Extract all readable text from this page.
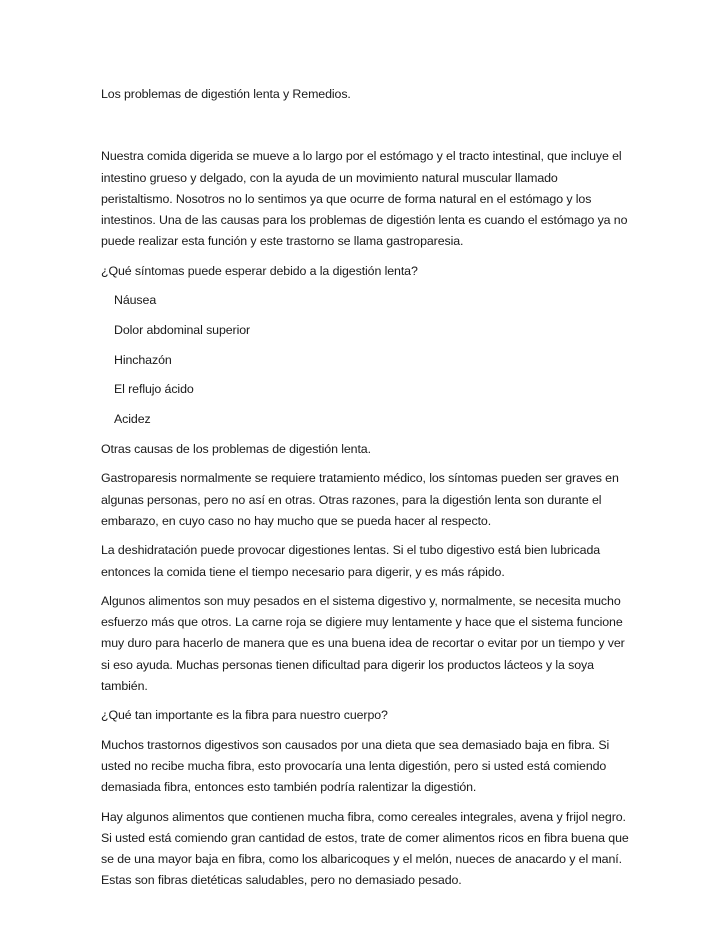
Los problemas de digestión lenta y Remedios.

Nuestra comida digerida se mueve a lo largo por el estómago y el tracto intestinal, que incluye el intestino grueso y delgado, con la ayuda de un movimiento natural muscular llamado peristaltismo. Nosotros no lo sentimos ya que ocurre de forma natural en el estómago y los intestinos. Una de las causas para los problemas de digestión lenta es cuando el estómago ya no puede realizar esta función y este trastorno se llama gastroparesia.

¿Qué síntomas puede esperar debido a la digestión lenta?

Náusea
Dolor abdominal superior
Hinchazón
El reflujo ácido
Acidez

Otras causas de los problemas de digestión lenta.

Gastroparesis normalmente se requiere tratamiento médico, los síntomas pueden ser graves en algunas personas, pero no así en otras. Otras razones, para la digestión lenta son durante el embarazo, en cuyo caso no hay mucho que se pueda hacer al respecto.

La deshidratación puede provocar digestiones lentas. Si el tubo digestivo está bien lubricada entonces la comida tiene el tiempo necesario para digerir, y es más rápido.

Algunos alimentos son muy pesados en el sistema digestivo y, normalmente, se necesita mucho esfuerzo más que otros. La carne roja se digiere muy lentamente y hace que el sistema funcione muy duro para hacerlo de manera que es una buena idea de recortar o evitar por un tiempo y ver si eso ayuda. Muchas personas tienen dificultad para digerir los productos lácteos y la soya también.

¿Qué tan importante es la fibra para nuestro cuerpo?

Muchos trastornos digestivos son causados por una dieta que sea demasiado baja en fibra. Si usted no recibe mucha fibra, esto provocaría una lenta digestión, pero si usted está comiendo demasiada fibra, entonces esto también podría ralentizar la digestión.

Hay algunos alimentos que contienen mucha fibra, como cereales integrales, avena y frijol negro. Si usted está comiendo gran cantidad de estos, trate de comer alimentos ricos en fibra buena que se de una mayor baja en fibra, como los albaricoques y el melón, nueces de anacardo y el maní. Estas son fibras dietéticas saludables, pero no demasiado pesado.
